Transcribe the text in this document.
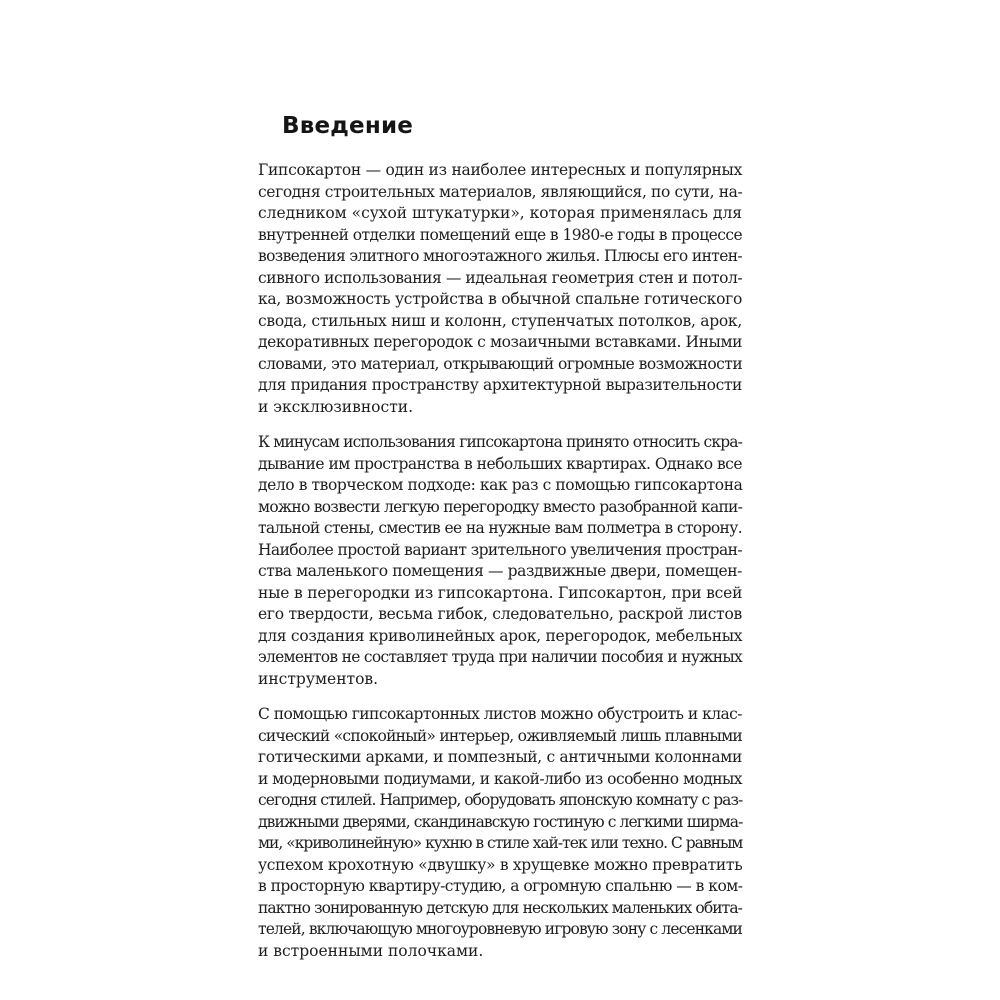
Введение
Гипсокартон — один из наиболее интересных и популярных
сегодня строительных материалов, являющийся, по сути, на-
следником «сухой штукатурки», которая применялась для
внутренней отделки помещений еще в 1980-е годы в процессе
возведения элитного многоэтажного жилья. Плюсы его интен-
сивного использования — идеальная геометрия стен и потол-
ка, возможность устройства в обычной спальне готического
свода, стильных ниш и колонн, ступенчатых потолков, арок,
декоративных перегородок с мозаичными вставками. Иными
словами, это материал, открывающий огромные возможности
для придания пространству архитектурной выразительности
и эксклюзивности.
К минусам использования гипсокартона принято относить скра-
дывание им пространства в небольших квартирах. Однако все
дело в творческом подходе: как раз с помощью гипсокартона
можно возвести легкую перегородку вместо разобранной капи-
тальной стены, сместив ее на нужные вам полметра в сторону.
Наиболее простой вариант зрительного увеличения простран-
ства маленького помещения — раздвижные двери, помещен-
ные в перегородки из гипсокартона. Гипсокартон, при всей
его твердости, весьма гибок, следовательно, раскрой листов
для создания криволинейных арок, перегородок, мебельных
элементов не составляет труда при наличии пособия и нужных
инструментов.
С помощью гипсокартонных листов можно обустроить и клас-
сический «спокойный» интерьер, оживляемый лишь плавными
готическими арками, и помпезный, с античными колоннами
и модерновыми подиумами, и какой-либо из особенно модных
сегодня стилей. Например, оборудовать японскую комнату с раз-
движными дверями, скандинавскую гостиную с легкими ширма-
ми, «криволинейную» кухню в стиле хай-тек или техно. С равным
успехом крохотную «двушку» в хрущевке можно превратить
в просторную квартиру-студию, а огромную спальню — в ком-
пактно зонированную детскую для нескольких маленьких обита-
телей, включающую многоуровневую игровую зону с лесенками
и встроенными полочками.
